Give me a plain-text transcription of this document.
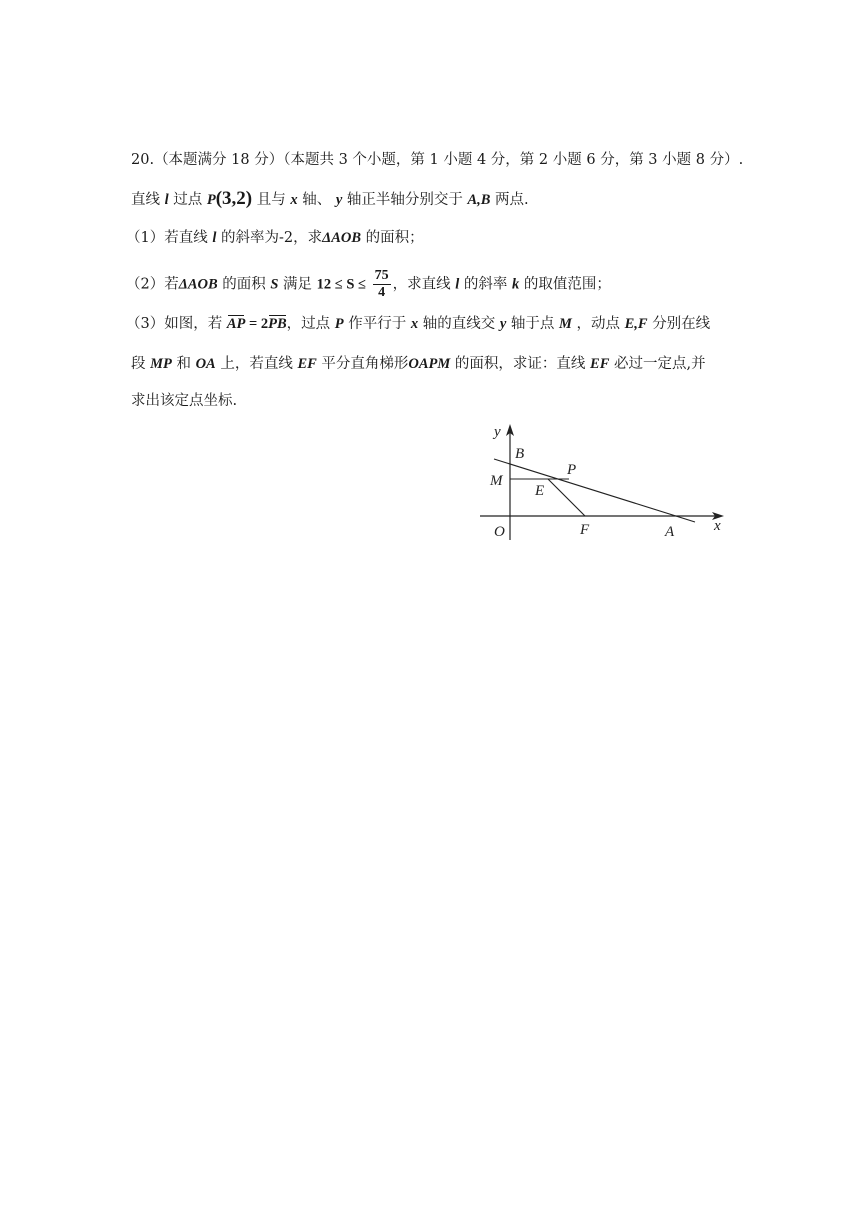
20.（本题满分 18 分）（本题共 3 个小题，第 1 小题 4 分，第 2 小题 6 分，第 3 小题 8 分）.
直线 l 过点 P(3,2) 且与 x 轴、 y 轴正半轴分别交于 A,B 两点.
（1）若直线 l 的斜率为-2，求ΔAOB 的面积；
（2）若ΔAOB 的面积 S 满足 $12 \le S \le \frac{75}{4}$ ，求直线 l 的斜率 k 的取值范围；
（3）如图，若 AP = 2PB，过点 P 作平行于 x 轴的直线交 y 轴于点 M ，动点 E,F 分别在线
段 MP 和 OA 上，若直线 EF 平分直角梯形OAPM 的面积，求证：直线 EF 必过一定点,并
求出该定点坐标.
y
B
P
M
E
O	F	A	x
